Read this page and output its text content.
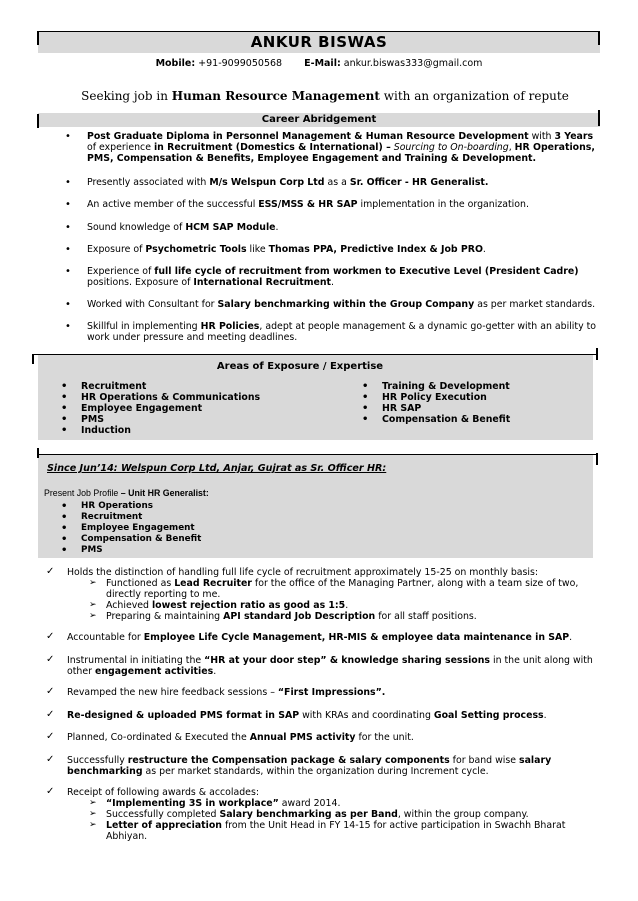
ANKUR BISWAS
Mobile: +91-9099050568 E-Mail: ankur.biswas333@gmail.com
Seeking job in Human Resource Management with an organization of repute
Career Abridgement
• Post Graduate Diploma in Personnel Management & Human Resource Development with 3 Years of experience in Recruitment (Domestics & International) – Sourcing to On-boarding, HR Operations, PMS, Compensation & Benefits, Employee Engagement and Training & Development.
• Presently associated with M/s Welspun Corp Ltd as a Sr. Officer - HR Generalist.
• An active member of the successful ESS/MSS & HR SAP implementation in the organization.
• Sound knowledge of HCM SAP Module.
• Exposure of Psychometric Tools like Thomas PPA, Predictive Index & Job PRO.
• Experience of full life cycle of recruitment from workmen to Executive Level (President Cadre) positions. Exposure of International Recruitment.
• Worked with Consultant for Salary benchmarking within the Group Company as per market standards.
• Skillful in implementing HR Policies, adept at people management & a dynamic go-getter with an ability to work under pressure and meeting deadlines.
Areas of Exposure / Expertise
• Recruitment
• HR Operations & Communications
• Employee Engagement
• PMS
• Induction
• Training & Development
• HR Policy Execution
• HR SAP
• Compensation & Benefit
Since Jun’14: Welspun Corp Ltd, Anjar, Gujrat as Sr. Officer HR:
Present Job Profile – Unit HR Generalist:
• HR Operations
• Recruitment
• Employee Engagement
• Compensation & Benefit
• PMS
✓ Holds the distinction of handling full life cycle of recruitment approximately 15-25 on monthly basis:
➢ Functioned as Lead Recruiter for the office of the Managing Partner, along with a team size of two, directly reporting to me.
➢ Achieved lowest rejection ratio as good as 1:5.
➢ Preparing & maintaining API standard Job Description for all staff positions.
✓ Accountable for Employee Life Cycle Management, HR-MIS & employee data maintenance in SAP.
✓ Instrumental in initiating the “HR at your door step” & knowledge sharing sessions in the unit along with other engagement activities.
✓ Revamped the new hire feedback sessions – “First Impressions”.
✓ Re-designed & uploaded PMS format in SAP with KRAs and coordinating Goal Setting process.
✓ Planned, Co-ordinated & Executed the Annual PMS activity for the unit.
✓ Successfully restructure the Compensation package & salary components for band wise salary benchmarking as per market standards, within the organization during Increment cycle.
✓ Receipt of following awards & accolades:
➢ “Implementing 3S in workplace” award 2014.
➢ Successfully completed Salary benchmarking as per Band, within the group company.
➢ Letter of appreciation from the Unit Head in FY 14-15 for active participation in Swachh Bharat Abhiyan.
